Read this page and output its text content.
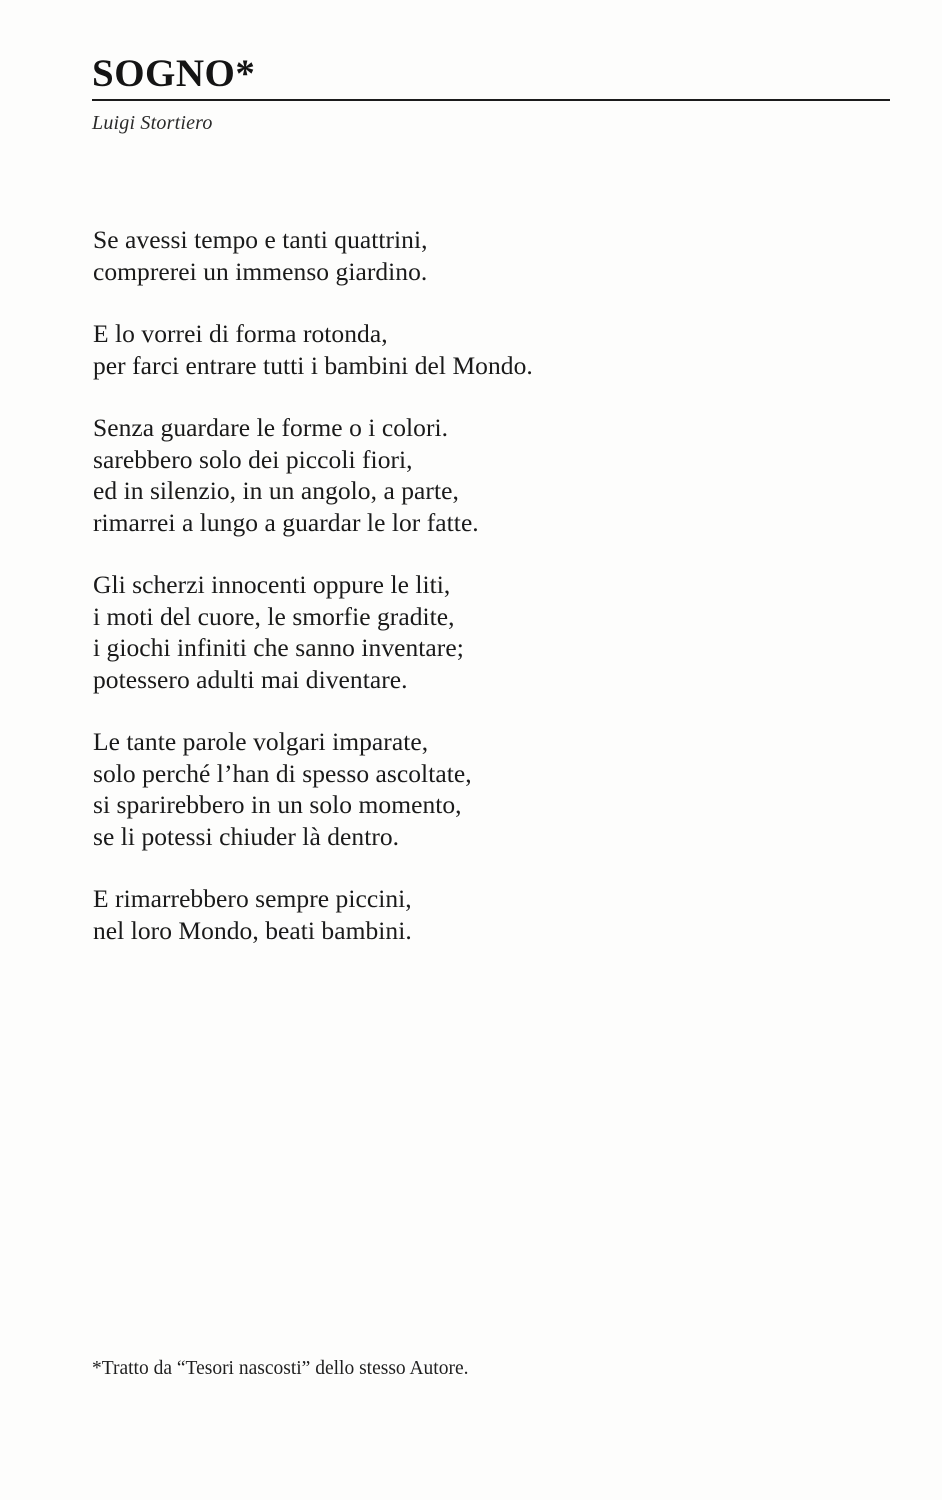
SOGNO*
Luigi Stortiero
Se avessi tempo e tanti quattrini,
comprerei un immenso giardino.
E lo vorrei di forma rotonda,
per farci entrare tutti i bambini del Mondo.
Senza guardare le forme o i colori.
sarebbero solo dei piccoli fiori,
ed in silenzio, in un angolo, a parte,
rimarrei a lungo a guardar le lor fatte.
Gli scherzi innocenti oppure le liti,
i moti del cuore, le smorfie gradite,
i giochi infiniti che sanno inventare;
potessero adulti mai diventare.
Le tante parole volgari imparate,
solo perché l’han di spesso ascoltate,
si sparirebbero in un solo momento,
se li potessi chiuder là dentro.
E rimarrebbero sempre piccini,
nel loro Mondo, beati bambini.
*Tratto da “Tesori nascosti” dello stesso Autore.
